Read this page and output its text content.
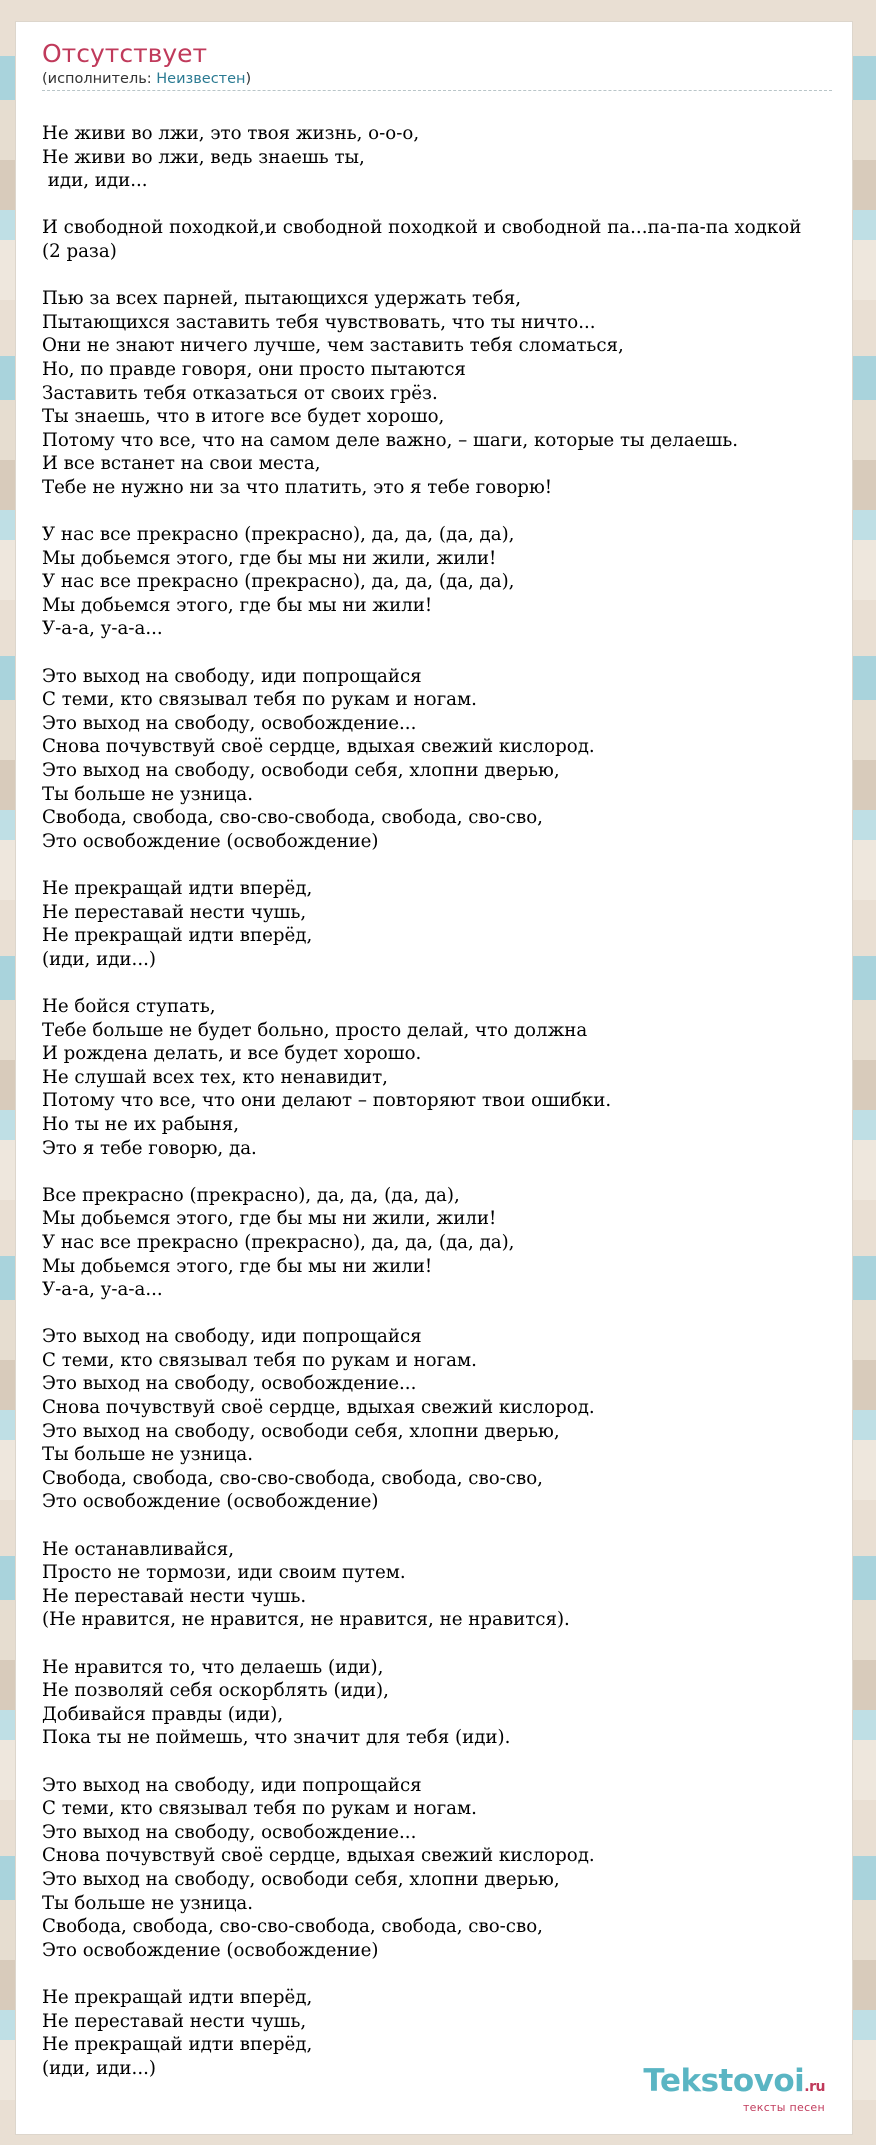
Отсутствует
(исполнитель: Неизвестен)
Не живи во лжи, это твоя жизнь, о-о-о,
Не живи во лжи, ведь знаешь ты,
иди, иди...
И свободной походкой,и свободной походкой и свободной па...па-па-па ходкой
(2 раза)
Пью за всех парней, пытающихся удержать тебя,
Пытающихся заставить тебя чувствовать, что ты ничто...
Они не знают ничего лучше, чем заставить тебя сломаться,
Но, по правде говоря, они просто пытаются
Заставить тебя отказаться от своих грёз.
Ты знаешь, что в итоге все будет хорошо,
Потому что все, что на самом деле важно, – шаги, которые ты делаешь.
И все встанет на свои места,
Тебе не нужно ни за что платить, это я тебе говорю!
У нас все прекрасно (прекрасно), да, да, (да, да),
Мы добьемся этого, где бы мы ни жили, жили!
У нас все прекрасно (прекрасно), да, да, (да, да),
Мы добьемся этого, где бы мы ни жили!
У-а-а, у-а-а...
Это выход на свободу, иди попрощайся
С теми, кто связывал тебя по рукам и ногам.
Это выход на свободу, освобождение...
Снова почувствуй своё сердце, вдыхая свежий кислород.
Это выход на свободу, освободи себя, хлопни дверью,
Ты больше не узница.
Свобода, свобода, сво-сво-свобода, свобода, сво-сво,
Это освобождение (освобождение)
Не прекращай идти вперёд,
Не переставай нести чушь,
Не прекращай идти вперёд,
(иди, иди...)
Не бойся ступать,
Тебе больше не будет больно, просто делай, что должна
И рождена делать, и все будет хорошо.
Не слушай всех тех, кто ненавидит,
Потому что все, что они делают – повторяют твои ошибки.
Но ты не их рабыня,
Это я тебе говорю, да.
Все прекрасно (прекрасно), да, да, (да, да),
Мы добьемся этого, где бы мы ни жили, жили!
У нас все прекрасно (прекрасно), да, да, (да, да),
Мы добьемся этого, где бы мы ни жили!
У-а-а, у-а-а...
Это выход на свободу, иди попрощайся
С теми, кто связывал тебя по рукам и ногам.
Это выход на свободу, освобождение...
Снова почувствуй своё сердце, вдыхая свежий кислород.
Это выход на свободу, освободи себя, хлопни дверью,
Ты больше не узница.
Свобода, свобода, сво-сво-свобода, свобода, сво-сво,
Это освобождение (освобождение)
Не останавливайся,
Просто не тормози, иди своим путем.
Не переставай нести чушь.
(Не нравится, не нравится, не нравится, не нравится).
Не нравится то, что делаешь (иди),
Не позволяй себя оскорблять (иди),
Добивайся правды (иди),
Пока ты не поймешь, что значит для тебя (иди).
Это выход на свободу, иди попрощайся
С теми, кто связывал тебя по рукам и ногам.
Это выход на свободу, освобождение...
Снова почувствуй своё сердце, вдыхая свежий кислород.
Это выход на свободу, освободи себя, хлопни дверью,
Ты больше не узница.
Свобода, свобода, сво-сво-свобода, свобода, сво-сво,
Это освобождение (освобождение)
Не прекращай идти вперёд,
Не переставай нести чушь,
Не прекращай идти вперёд,
(иди, иди...)	Tekstovoi.ru
тексты песен
